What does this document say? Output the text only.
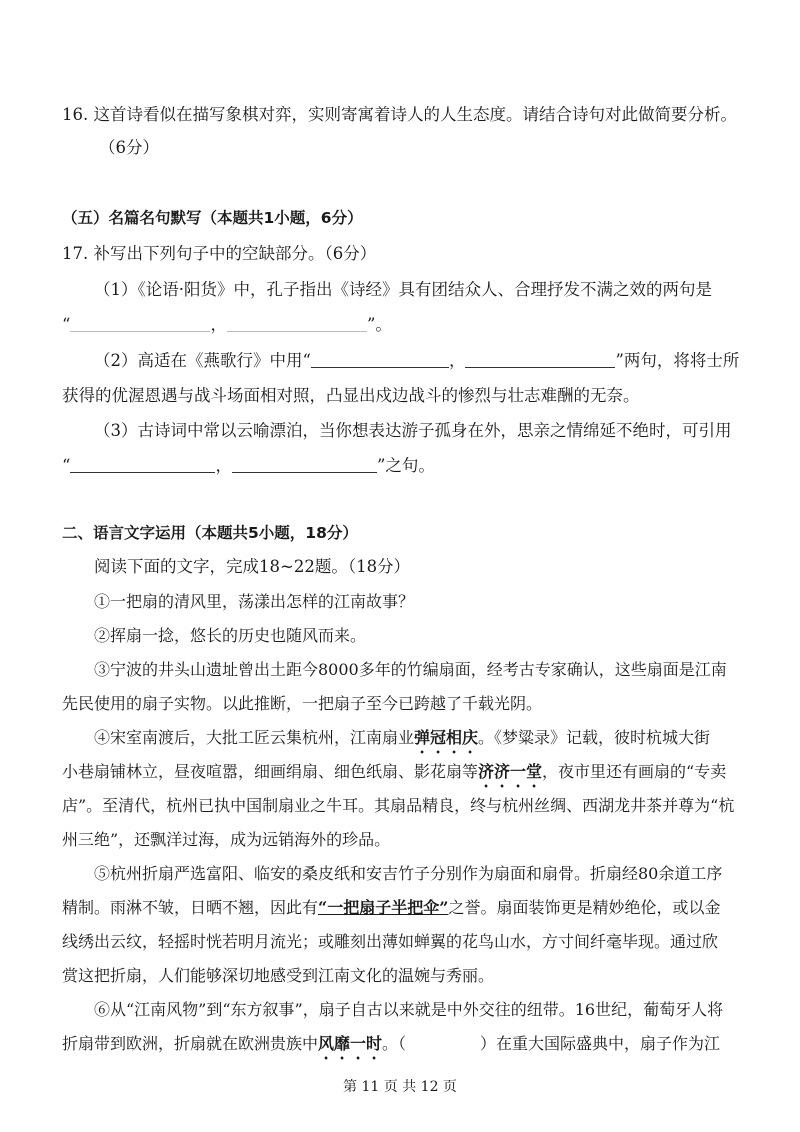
16. 这首诗看似在描写象棋对弈，实则寄寓着诗人的人生态度。请结合诗句对此做简要分析。
（6分）
（五）名篇名句默写（本题共1小题，6分）
17. 补写出下列句子中的空缺部分。（6分）
（1）《论语·阳货》中，孔子指出《诗经》具有团结众人、合理抒发不满之效的两句是
“	，	”。
（2）高适在《燕歌行》中用“	，	”两句，将将士所
获得的优渥恩遇与战斗场面相对照，凸显出戍边战斗的惨烈与壮志难酬的无奈。
（3）古诗词中常以云喻漂泊，当你想表达游子孤身在外，思亲之情绵延不绝时，可引用
“	，	”之句。
二、语言文字运用（本题共5小题，18分）
阅读下面的文字，完成18~22题。（18分）
①一把扇的清风里，荡漾出怎样的江南故事？
②挥扇一捻，悠长的历史也随风而来。
③宁波的井头山遗址曾出土距今8000多年的竹编扇面，经考古专家确认，这些扇面是江南
先民使用的扇子实物。以此推断，一把扇子至今已跨越了千载光阴。
④宋室南渡后，大批工匠云集杭州，江南扇业弹冠相庆。《梦粱录》记载，彼时杭城大街
小巷扇铺林立，昼夜喧嚣，细画绢扇、细色纸扇、影花扇等济济一堂，夜市里还有画扇的“专卖
店”。至清代，杭州已执中国制扇业之牛耳。其扇品精良，终与杭州丝绸、西湖龙井茶并尊为“杭
州三绝”，还飘洋过海，成为远销海外的珍品。
⑤杭州折扇严选富阳、临安的桑皮纸和安吉竹子分别作为扇面和扇骨。折扇经80余道工序
精制。雨淋不皱，日晒不翘，因此有“一把扇子半把伞”之誉。扇面装饰更是精妙绝伦，或以金
线绣出云纹，轻摇时恍若明月流光；或雕刻出薄如蝉翼的花鸟山水，方寸间纤毫毕现。通过欣
赏这把折扇，人们能够深切地感受到江南文化的温婉与秀丽。
⑥从“江南风物”到“东方叙事”，扇子自古以来就是中外交往的纽带。16世纪，葡萄牙人将
折扇带到欧洲，折扇就在欧洲贵族中风靡一时。（	）在重大国际盛典中，扇子作为江
第 11 页 共 12 页
